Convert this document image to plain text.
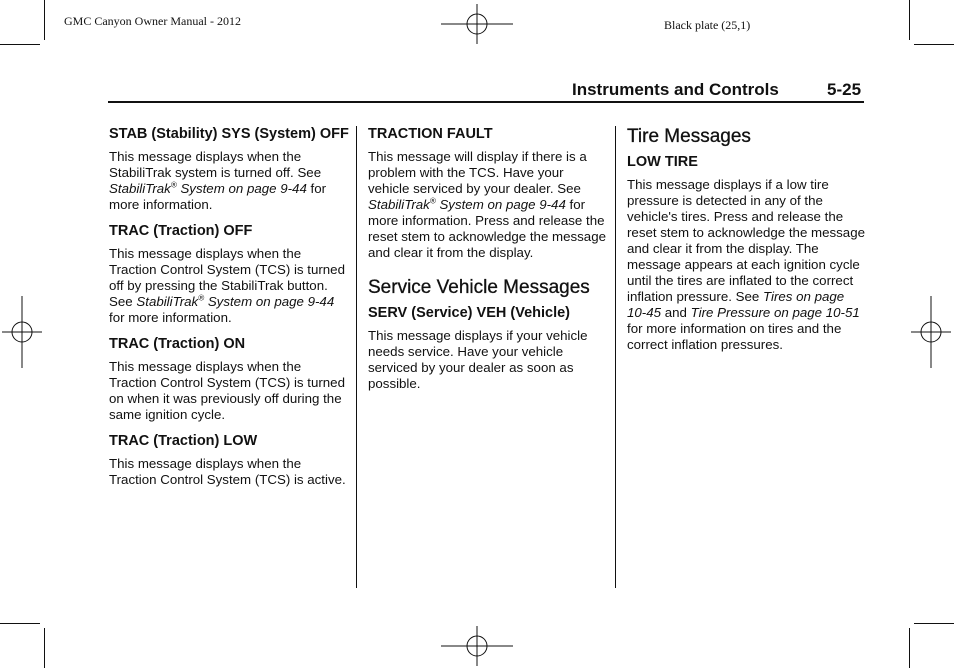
GMC Canyon Owner Manual - 2012	Black plate (25,1)
Instruments and Controls	5-25
STAB (Stability) SYS (System) OFF

This message displays when the StabiliTrak system is turned off. See StabiliTrak® System on page 9-44 for more information.

TRAC (Traction) OFF

This message displays when the Traction Control System (TCS) is turned off by pressing the StabiliTrak button. See StabiliTrak® System on page 9-44 for more information.

TRAC (Traction) ON

This message displays when the Traction Control System (TCS) is turned on when it was previously off during the same ignition cycle.

TRAC (Traction) LOW

This message displays when the Traction Control System (TCS) is active.

TRACTION FAULT

This message will display if there is a problem with the TCS. Have your vehicle serviced by your dealer. See StabiliTrak® System on page 9-44 for more information. Press and release the reset stem to acknowledge the message and clear it from the display.

Service Vehicle Messages
SERV (Service) VEH (Vehicle)

This message displays if your vehicle needs service. Have your vehicle serviced by your dealer as soon as possible.

Tire Messages
LOW TIRE

This message displays if a low tire pressure is detected in any of the vehicle's tires. Press and release the reset stem to acknowledge the message and clear it from the display. The message appears at each ignition cycle until the tires are inflated to the correct inflation pressure. See Tires on page 10-45 and Tire Pressure on page 10-51 for more information on tires and the correct inflation pressures.
